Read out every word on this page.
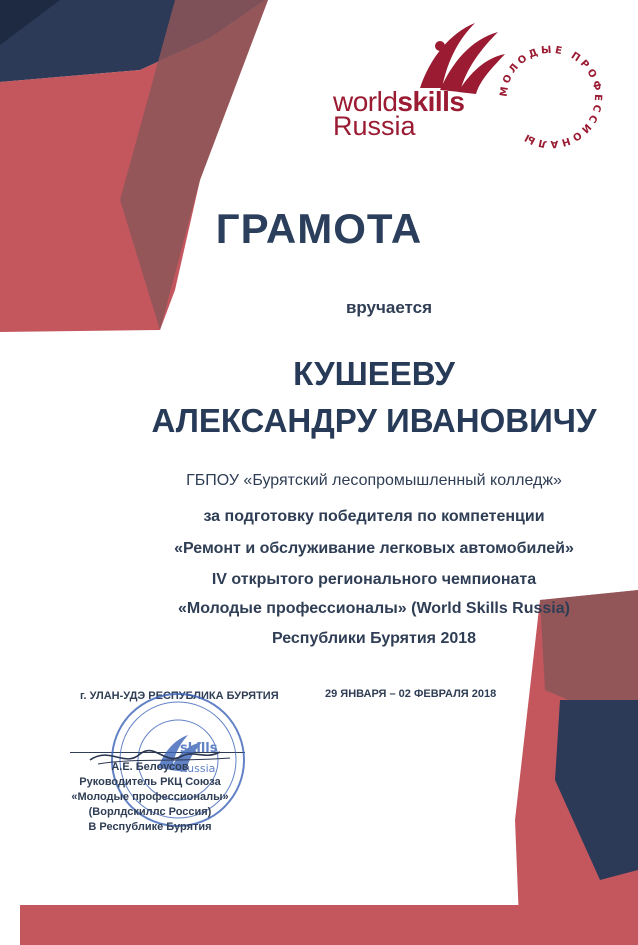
worldskills
Russia
МОЛОДЫЕ ПРОФЕССИОНАЛЫ
ГРАМОТА
вручается
КУШЕЕВУ
АЛЕКСАНДРУ ИВАНОВИЧУ
ГБПОУ «Бурятский лесопромышленный колледж»
за подготовку победителя по компетенции
«Ремонт и обслуживание легковых автомобилей»
IV открытого регионального чемпионата
«Молодые профессионалы» (World Skills Russia)
Республики Бурятия 2018
г. УЛАН-УДЭ РЕСПУБЛИКА БУРЯТИЯ	29 ЯНВАРЯ – 02 ФЕВРАЛЯ 2018
skills
Russia
А.Е. Белоусов
Руководитель РКЦ Союза
«Молодые профессионалы»
(Ворлдскиллс Россия)
В Республике Бурятия
